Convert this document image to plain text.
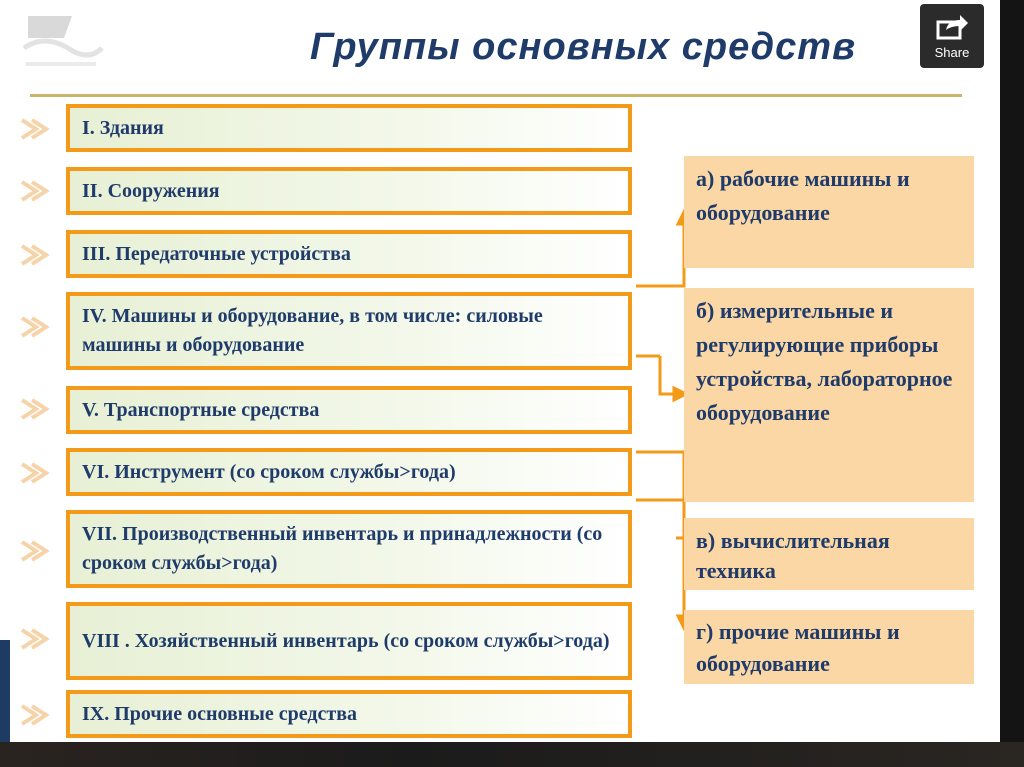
Группы основных средств
I. Здания
II. Сооружения
III. Передаточные устройства
IV. Машины и оборудование, в том числе: силовые машины и оборудование
V. Транспортные средства
VI. Инструмент (со сроком службы>года)
VII. Производственный инвентарь и принадлежности (со сроком службы>года)
VIII . Хозяйственный инвентарь (со сроком службы>года)
IX. Прочие основные средства
а) рабочие машины и оборудование
б) измерительные и регулирующие приборы устройства, лабораторное оборудование
в) вычислительная техника
г) прочие машины и оборудование
Share
